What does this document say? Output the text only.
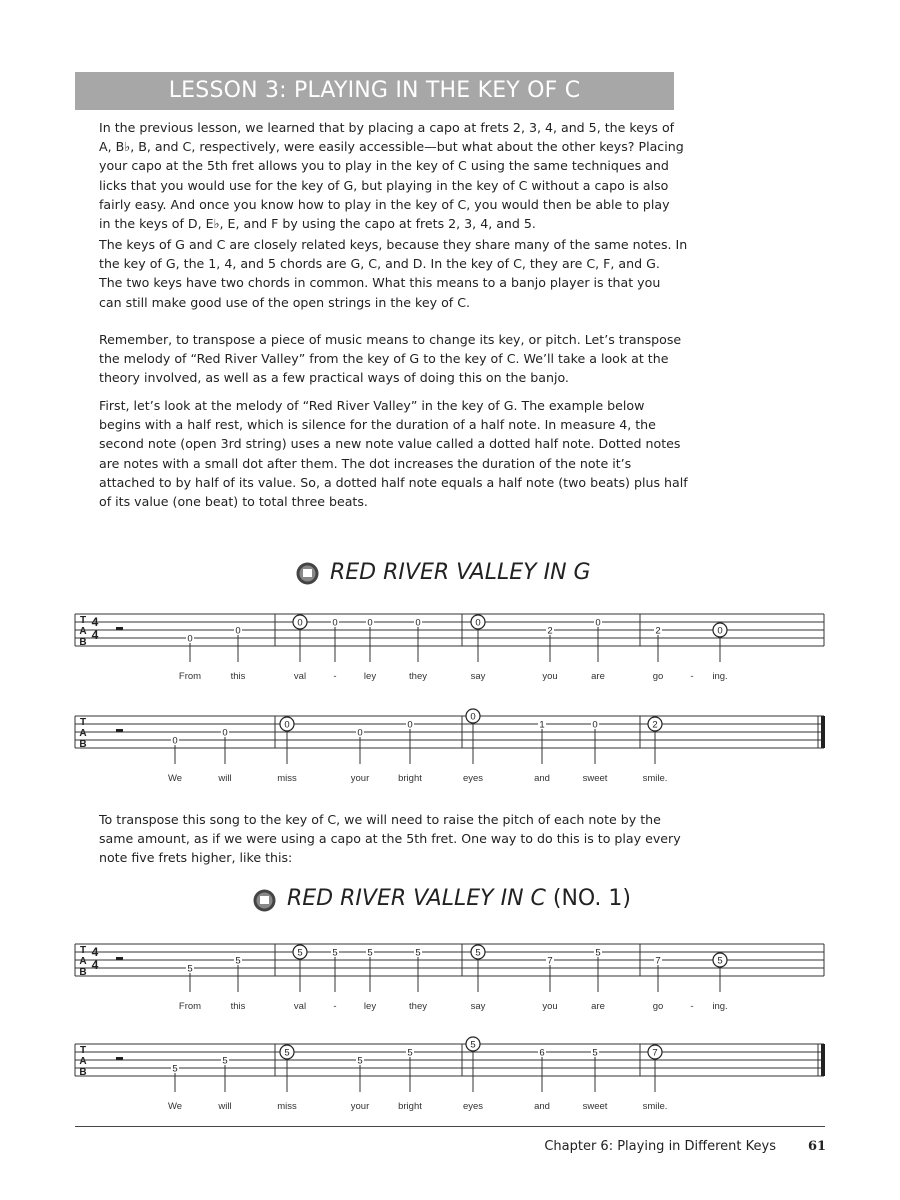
LESSON 3: PLAYING IN THE KEY OF C
In the previous lesson, we learned that by placing a capo at frets 2, 3, 4, and 5, the keys of
A, B♭, B, and C, respectively, were easily accessible—but what about the other keys? Placing
your capo at the 5th fret allows you to play in the key of C using the same techniques and
licks that you would use for the key of G, but playing in the key of C without a capo is also
fairly easy. And once you know how to play in the key of C, you would then be able to play
in the keys of D, E♭, E, and F by using the capo at frets 2, 3, 4, and 5.
The keys of G and C are closely related keys, because they share many of the same notes. In
the key of G, the 1, 4, and 5 chords are G, C, and D. In the key of C, they are C, F, and G.
The two keys have two chords in common. What this means to a banjo player is that you
can still make good use of the open strings in the key of C.
Remember, to transpose a piece of music means to change its key, or pitch. Let’s transpose
the melody of “Red River Valley” from the key of G to the key of C. We’ll take a look at the
theory involved, as well as a few practical ways of doing this on the banjo.
First, let’s look at the melody of “Red River Valley” in the key of G. The example below
begins with a half rest, which is silence for the duration of a half note. In measure 4, the
second note (open 3rd string) uses a new note value called a dotted half note. Dotted notes
are notes with a small dot after them. The dot increases the duration of the note it’s
attached to by half of its value. So, a dotted half note equals a half note (two beats) plus half
of its value (one beat) to total three beats.
RED RIVER VALLEY IN G
T
A
B
4
4	0
From
0
this
0
val
0
-
0
ley
0
they
0
say
2
you
0
are
2
go	-
0
ing.
T
A
B	0
We
0
will
0
miss
0
your
0
bright
0
eyes
1
and
0
sweet
2
smile.
To transpose this song to the key of C, we will need to raise the pitch of each note by the
same amount, as if we were using a capo at the 5th fret. One way to do this is to play every
note five frets higher, like this:
RED RIVER VALLEY IN C (NO. 1)
T
A
B
4
4	5
From
5
this
5
val
5
-
5
ley
5
they
5
say
7
you
5
are
7
go	-
5
ing.
T
A
B	5
We
5
will
5
miss
5
your
5
bright
5
eyes
6
and
5
sweet
7
smile.
Chapter 6: Playing in Different Keys 61
